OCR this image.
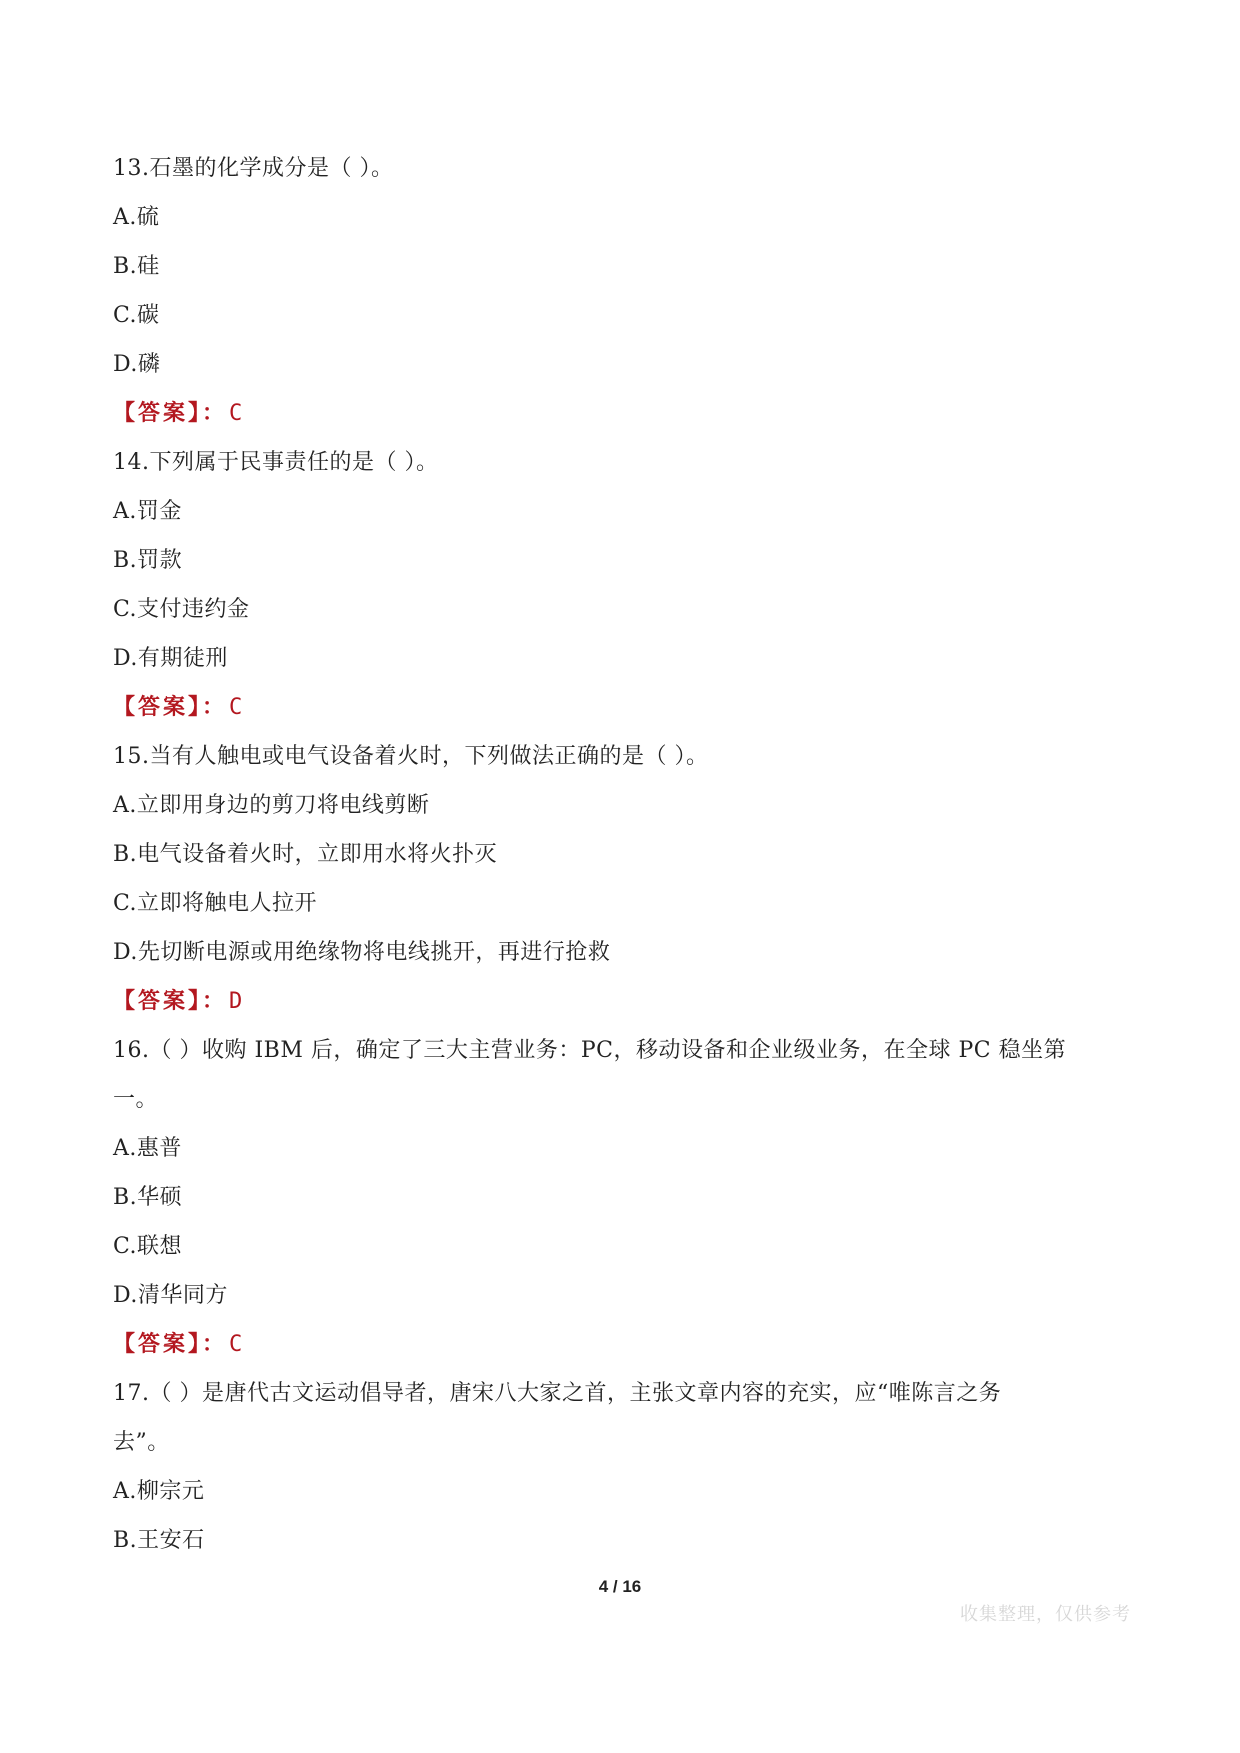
13.石墨的化学成分是（ ）。
A.硫
B.硅
C.碳
D.磷
【答案】：C
14.下列属于民事责任的是（ ）。
A.罚金
B.罚款
C.支付违约金
D.有期徒刑
【答案】：C
15.当有人触电或电气设备着火时，下列做法正确的是（ ）。
A.立即用身边的剪刀将电线剪断
B.电气设备着火时，立即用水将火扑灭
C.立即将触电人拉开
D.先切断电源或用绝缘物将电线挑开，再进行抢救
【答案】：D
16.（ ）收购 IBM 后，确定了三大主营业务：PC，移动设备和企业级业务，在全球 PC 稳坐第
一。
A.惠普
B.华硕
C.联想
D.清华同方
【答案】：C
17.（ ）是唐代古文运动倡导者，唐宋八大家之首，主张文章内容的充实，应“唯陈言之务
去”。
A.柳宗元
B.王安石
4 / 16
收集整理，仅供参考
